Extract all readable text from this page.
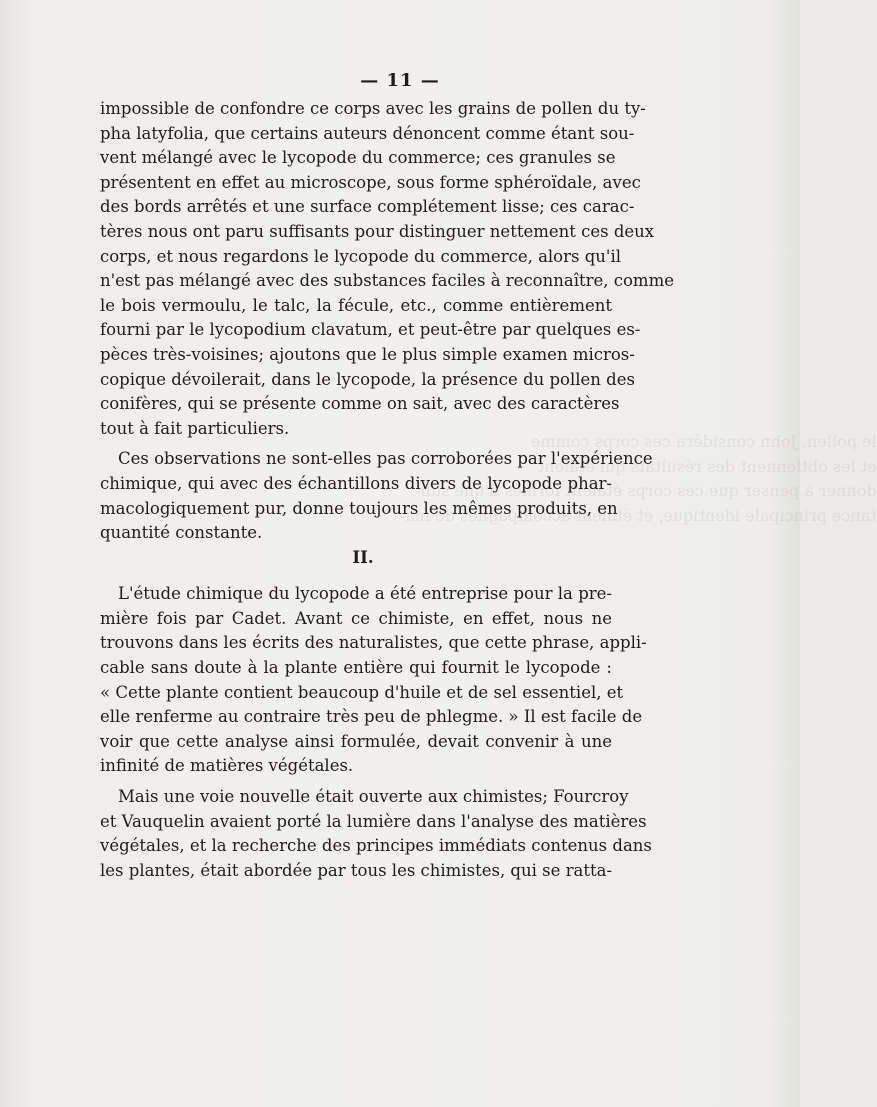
le pollen, John considéra ces corps comme
et les obtiennent des résultats qui étaient
donner à penser que ces corps étaient formés d'une sub-
tance principale identique, et étaient accompagnés de ma-
— 11 —
impossible de confondre ce corps avec les grains de pollen du ty-
pha latyfolia, que certains auteurs dénoncent comme étant sou-
vent mélangé avec le lycopode du commerce; ces granules se
présentent en effet au microscope, sous forme sphéroïdale, avec
des bords arrêtés et une surface complétement lisse; ces carac-
tères nous ont paru suffisants pour distinguer nettement ces deux
corps, et nous regardons le lycopode du commerce, alors qu'il
n'est pas mélangé avec des substances faciles à reconnaître, comme
le bois vermoulu, le talc, la fécule, etc., comme entièrement
fourni par le lycopodium clavatum, et peut-être par quelques es-
pèces très-voisines; ajoutons que le plus simple examen micros-
copique dévoilerait, dans le lycopode, la présence du pollen des
conifères, qui se présente comme on sait, avec des caractères
tout à fait particuliers.
Ces observations ne sont-elles pas corroborées par l'expérience
chimique, qui avec des échantillons divers de lycopode phar-
macologiquement pur, donne toujours les mêmes produits, en
quantité constante.
II.
L'étude chimique du lycopode a été entreprise pour la pre-
mière fois par Cadet. Avant ce chimiste, en effet, nous ne
trouvons dans les écrits des naturalistes, que cette phrase, appli-
cable sans doute à la plante entière qui fournit le lycopode :
« Cette plante contient beaucoup d'huile et de sel essentiel, et
elle renferme au contraire très peu de phlegme. » Il est facile de
voir que cette analyse ainsi formulée, devait convenir à une
infinité de matières végétales.
Mais une voie nouvelle était ouverte aux chimistes; Fourcroy
et Vauquelin avaient porté la lumière dans l'analyse des matières
végétales, et la recherche des principes immédiats contenus dans
les plantes, était abordée par tous les chimistes, qui se ratta-
